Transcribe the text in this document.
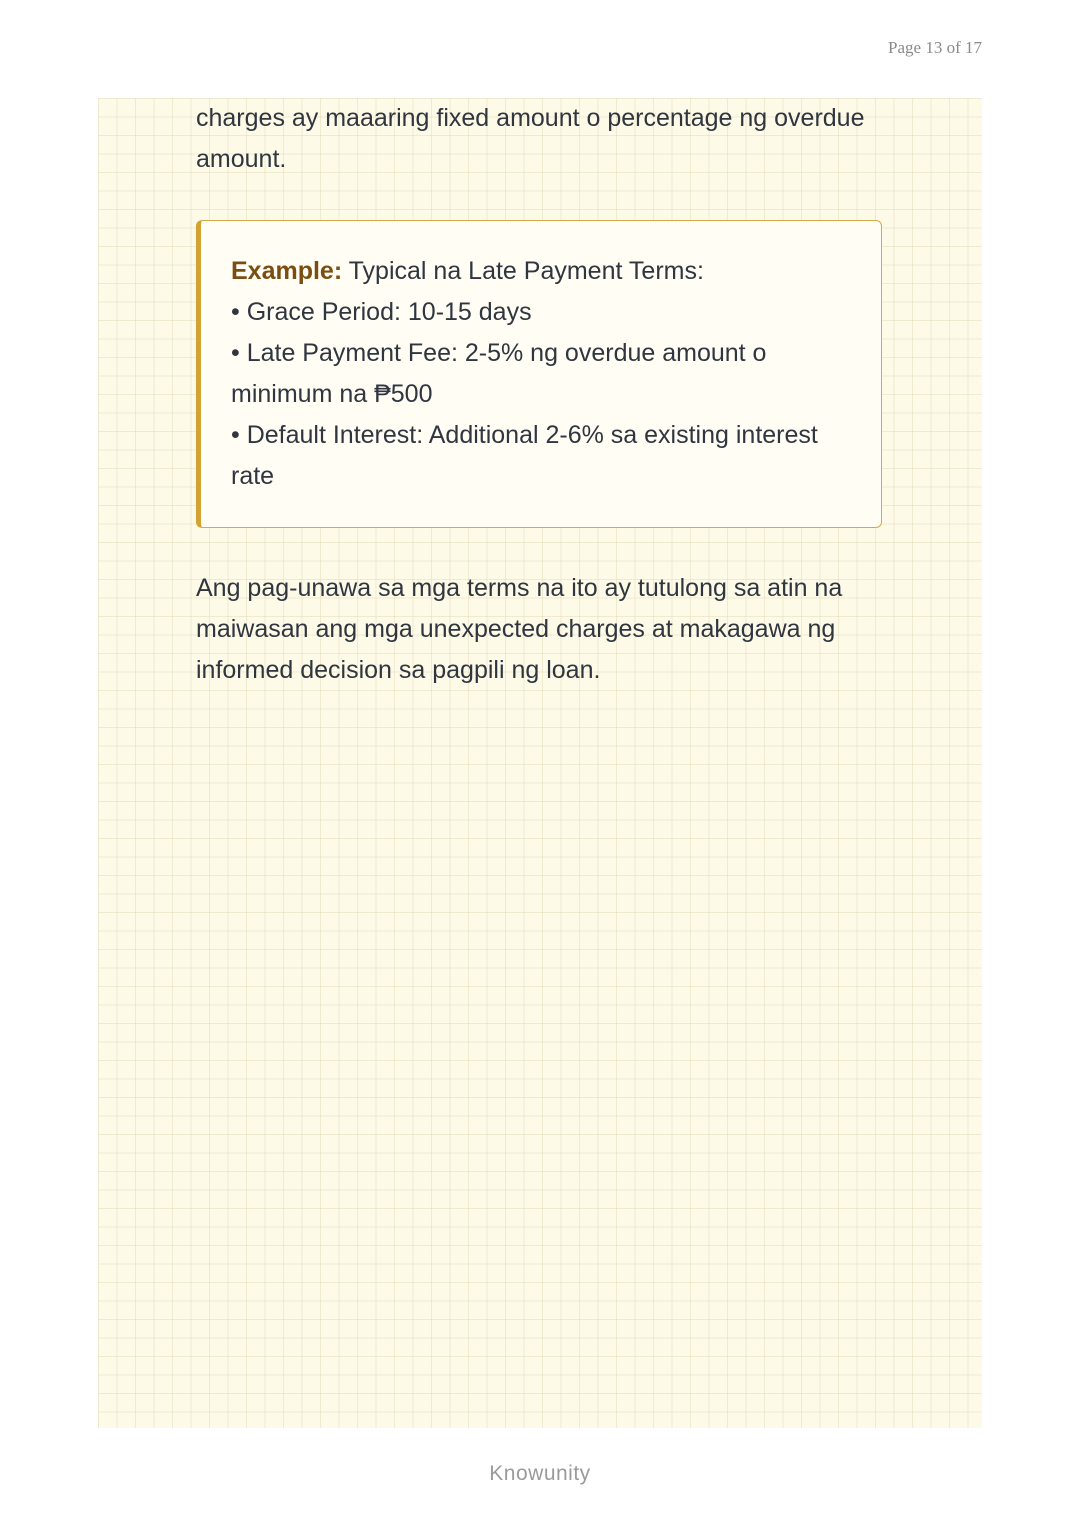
Page 13 of 17

charges ay maaaring fixed amount o percentage ng overdue amount.

Example: Typical na Late Payment Terms:
• Grace Period: 10-15 days
• Late Payment Fee: 2-5% ng overdue amount o minimum na ₱500
• Default Interest: Additional 2-6% sa existing interest rate

Ang pag-unawa sa mga terms na ito ay tutulong sa atin na maiwasan ang mga unexpected charges at makagawa ng informed decision sa pagpili ng loan.

Knowunity
